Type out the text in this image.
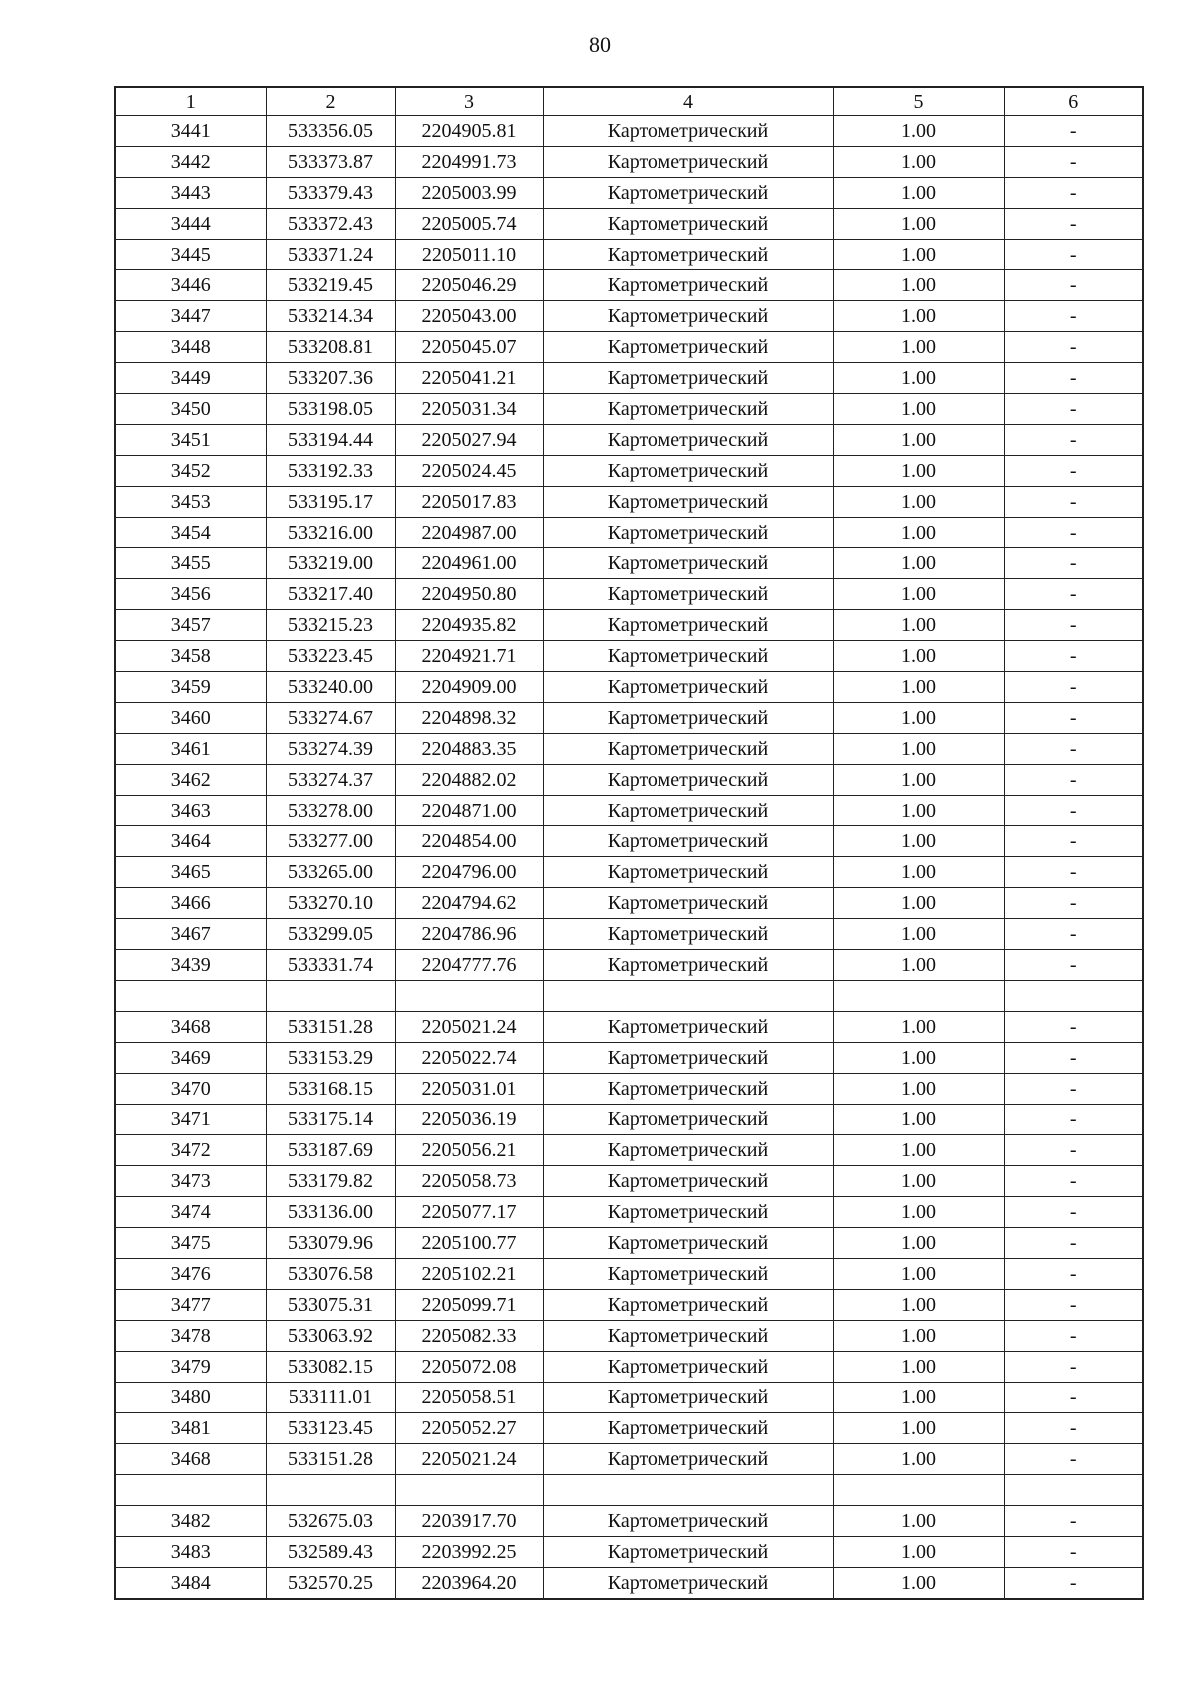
80
1	2	3	4	5	6
3441	533356.05	2204905.81	Картометрический	1.00	-
3442	533373.87	2204991.73	Картометрический	1.00	-
3443	533379.43	2205003.99	Картометрический	1.00	-
3444	533372.43	2205005.74	Картометрический	1.00	-
3445	533371.24	2205011.10	Картометрический	1.00	-
3446	533219.45	2205046.29	Картометрический	1.00	-
3447	533214.34	2205043.00	Картометрический	1.00	-
3448	533208.81	2205045.07	Картометрический	1.00	-
3449	533207.36	2205041.21	Картометрический	1.00	-
3450	533198.05	2205031.34	Картометрический	1.00	-
3451	533194.44	2205027.94	Картометрический	1.00	-
3452	533192.33	2205024.45	Картометрический	1.00	-
3453	533195.17	2205017.83	Картометрический	1.00	-
3454	533216.00	2204987.00	Картометрический	1.00	-
3455	533219.00	2204961.00	Картометрический	1.00	-
3456	533217.40	2204950.80	Картометрический	1.00	-
3457	533215.23	2204935.82	Картометрический	1.00	-
3458	533223.45	2204921.71	Картометрический	1.00	-
3459	533240.00	2204909.00	Картометрический	1.00	-
3460	533274.67	2204898.32	Картометрический	1.00	-
3461	533274.39	2204883.35	Картометрический	1.00	-
3462	533274.37	2204882.02	Картометрический	1.00	-
3463	533278.00	2204871.00	Картометрический	1.00	-
3464	533277.00	2204854.00	Картометрический	1.00	-
3465	533265.00	2204796.00	Картометрический	1.00	-
3466	533270.10	2204794.62	Картометрический	1.00	-
3467	533299.05	2204786.96	Картометрический	1.00	-
3439	533331.74	2204777.76	Картометрический	1.00	-

3468	533151.28	2205021.24	Картометрический	1.00	-
3469	533153.29	2205022.74	Картометрический	1.00	-
3470	533168.15	2205031.01	Картометрический	1.00	-
3471	533175.14	2205036.19	Картометрический	1.00	-
3472	533187.69	2205056.21	Картометрический	1.00	-
3473	533179.82	2205058.73	Картометрический	1.00	-
3474	533136.00	2205077.17	Картометрический	1.00	-
3475	533079.96	2205100.77	Картометрический	1.00	-
3476	533076.58	2205102.21	Картометрический	1.00	-
3477	533075.31	2205099.71	Картометрический	1.00	-
3478	533063.92	2205082.33	Картометрический	1.00	-
3479	533082.15	2205072.08	Картометрический	1.00	-
3480	533111.01	2205058.51	Картометрический	1.00	-
3481	533123.45	2205052.27	Картометрический	1.00	-
3468	533151.28	2205021.24	Картометрический	1.00	-

3482	532675.03	2203917.70	Картометрический	1.00	-
3483	532589.43	2203992.25	Картометрический	1.00	-
3484	532570.25	2203964.20	Картометрический	1.00	-
